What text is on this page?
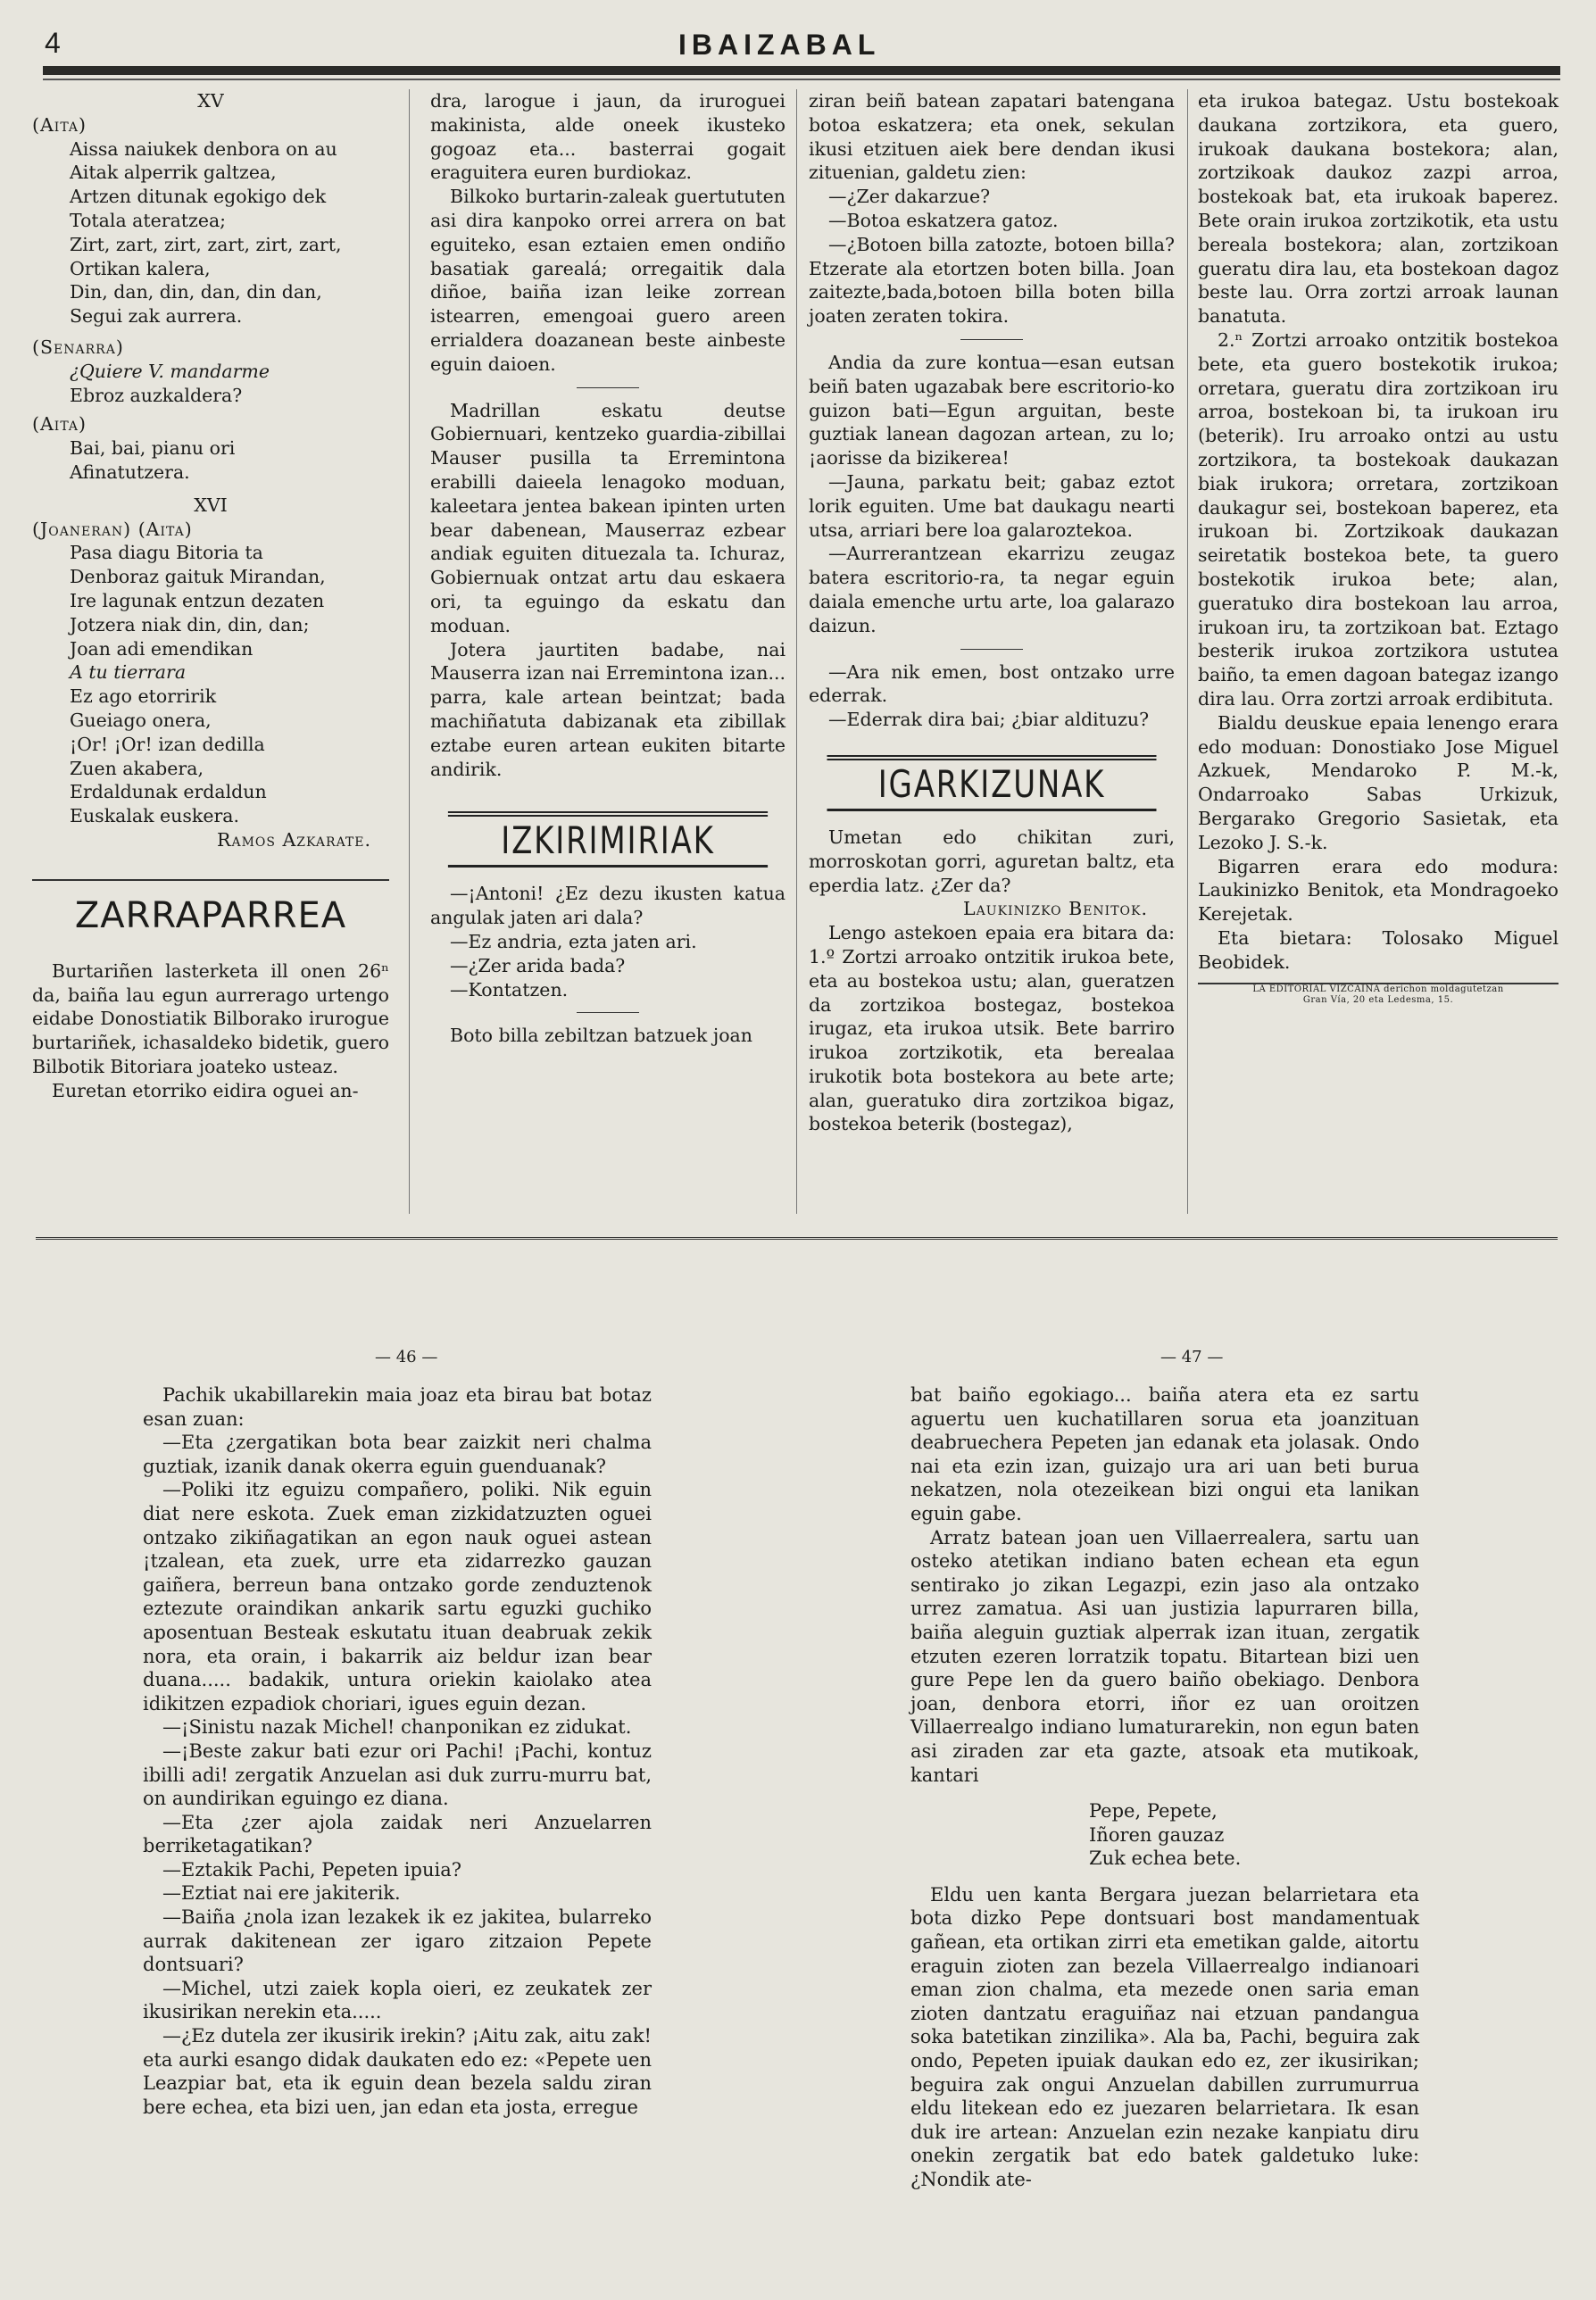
4	IBAIZABAL

XV

(Aita)

Aissa naiukek denbora on au

Aitak alperrik galtzea,

Artzen ditunak egokigo dek

Totala ateratzea;

Zirt, zart, zirt, zart, zirt, zart,

Ortikan kalera,

Din, dan, din, dan, din dan,

Segui zak aurrera.

(Senarra)

¿Quiere V. mandarme

Ebroz auzkaldera?

(Aita)

Bai, bai, pianu ori

Afinatutzera.

XVI

(Joaneran) (Aita)

Pasa diagu Bitoria ta

Denboraz gaituk Mirandan,

Ire lagunak entzun dezaten

Jotzera niak din, din, dan;

Joan adi emendikan

A tu tierrara

Ez ago etorririk

Gueiago onera,

¡Or! ¡Or! izan dedilla

Zuen akabera,

Erdaldunak erdaldun

Euskalak euskera.

Ramos Azkarate.

ZARRAPARREA

Burtariñen lasterketa ill onen 26ⁿ da, baiña lau egun aurrerago urtengo eidabe Donostiatik Bilborako irurogue burtariñek, ichasaldeko bidetik, guero Bilbotik Bitoriara joateko usteaz.

Euretan etorriko eidira oguei an-

dra, larogue i jaun, da iruroguei makinista, alde oneek ikusteko gogoaz eta... basterrai gogait eraguitera euren burdiokaz.

Bilkoko burtarin-zaleak guertututen asi dira kanpoko orrei arrera on bat eguiteko, esan eztaien emen ondiño basatiak garealá; orregaitik dala diñoe, baiña izan leike zorrean istearren, emengoai guero areen errialdera doazanean beste ainbeste eguin daioen.

Madrillan eskatu deutse Gobiernuari, kentzeko guardia-zibillai Mauser pusilla ta Erremintona erabilli daieela lenagoko moduan, kaleetara jentea bakean ipinten urten bear dabenean, Mauserraz ezbear andiak eguiten dituezala ta. Ichuraz, Gobiernuak ontzat artu dau eskaera ori, ta eguingo da eskatu dan moduan.

Jotera jaurtiten badabe, nai Mauserra izan nai Erremintona izan... parra, kale artean beintzat; bada machiñatuta dabizanak eta zibillak eztabe euren artean eukiten bitarte andirik.

IZKIRIMIRIAK

—¡Antoni! ¿Ez dezu ikusten katua angulak jaten ari dala?

—Ez andria, ezta jaten ari.

—¿Zer arida bada?

—Kontatzen.

Boto billa zebiltzan batzuek joan

ziran beiñ batean zapatari batengana botoa eskatzera; eta onek, sekulan ikusi etzituen aiek bere dendan ikusi zituenian, galdetu zien:

—¿Zer dakarzue?

—Botoa eskatzera gatoz.

—¿Botoen billa zatozte, botoen billa? Etzerate ala etortzen boten billa. Joan zaitezte,bada,botoen billa boten billa joaten zeraten tokira.

Andia da zure kontua—esan eutsan beiñ baten ugazabak bere escritorio-ko guizon bati—Egun arguitan, beste guztiak lanean dagozan artean, zu lo; ¡aorisse da bizikerea!

—Jauna, parkatu beit; gabaz eztot lorik eguiten. Ume bat daukagu nearti utsa, arriari bere loa galaroztekoa.

—Aurrerantzean ekarrizu zeugaz batera escritorio-ra, ta negar eguin daiala emenche urtu arte, loa galarazo daizun.

—Ara nik emen, bost ontzako urre ederrak.

—Ederrak dira bai; ¿biar aldituzu?

IGARKIZUNAK

Umetan edo chikitan zuri, morroskotan gorri, aguretan baltz, eta eperdia latz. ¿Zer da?

Laukinizko Benitok.

Lengo astekoen epaia era bitara da: 1.º Zortzi arroako ontzitik irukoa bete, eta au bostekoa ustu; alan, gueratzen da zortzikoa bostegaz, bostekoa irugaz, eta irukoa utsik. Bete barriro irukoa zortzikotik, eta berealaa irukotik bota bostekora au bete arte; alan, gueratuko dira zortzikoa bigaz, bostekoa beterik (bostegaz),

eta irukoa bategaz. Ustu bostekoak daukana zortzikora, eta guero, irukoak daukana bostekora; alan, zortzikoak daukoz zazpi arroa, bostekoak bat, eta irukoak baperez. Bete orain irukoa zortzikotik, eta ustu bereala bostekora; alan, zortzikoan gueratu dira lau, eta bostekoan dagoz beste lau. Orra zortzi arroak launan banatuta.

2.ⁿ Zortzi arroako ontzitik bostekoa bete, eta guero bostekotik irukoa; orretara, gueratu dira zortzikoan iru arroa, bostekoan bi, ta irukoan iru (beterik). Iru arroako ontzi au ustu zortzikora, ta bostekoak daukazan biak irukora; orretara, zortzikoan daukagur sei, bostekoan baperez, eta irukoan bi. Zortzikoak daukazan seiretatik bostekoa bete, ta guero bostekotik irukoa bete; alan, gueratuko dira bostekoan lau arroa, irukoan iru, ta zortzikoan bat. Eztago besterik irukoa zortzikora ustutea baiño, ta emen dagoan bategaz izango dira lau. Orra zortzi arroak erdibituta.

Bialdu deuskue epaia lenengo erara edo moduan: Donostiako Jose Miguel Azkuek, Mendaroko P. M.-k, Ondarroako Sabas Urkizuk, Bergarako Gregorio Sasietak, eta Lezoko J. S.-k.

Bigarren erara edo modura: Laukinizko Benitok, eta Mondragoeko Kerejetak.

Eta bietara: Tolosako Miguel Beobidek.

LA EDITORIAL VIZCAINA derichon moldagutetzan

Gran Vía, 20 eta Ledesma, 15.

— 46 —	— 47 —

Pachik ukabillarekin maia joaz eta birau bat botaz esan zuan:

—Eta ¿zergatikan bota bear zaizkit neri chalma guztiak, izanik danak okerra eguin guenduanak?

—Poliki itz eguizu compañero, poliki. Nik eguin diat nere eskota. Zuek eman zizkidatzuzten oguei ontzako zikiñagatikan an egon nauk oguei astean ¡tzalean, eta zuek, urre eta zidarrezko gauzan gaiñera, berreun bana ontzako gorde zenduztenok eztezute oraindikan ankarik sartu eguzki guchiko aposentuan Besteak eskutatu ituan deabruak zekik nora, eta orain, i bakarrik aiz beldur izan bear duana..... badakik, untura oriekin kaiolako atea idikitzen ezpadiok choriari, igues eguin dezan.

—¡Sinistu nazak Michel! chanponikan ez zidukat.

—¡Beste zakur bati ezur ori Pachi! ¡Pachi, kontuz ibilli adi! zergatik Anzuelan asi duk zurru-murru bat, on aundirikan eguingo ez diana.

—Eta ¿zer ajola zaidak neri Anzuelarren berriketagatikan?

—Eztakik Pachi, Pepeten ipuia?

—Eztiat nai ere jakiterik.

—Baiña ¿nola izan lezakek ik ez jakitea, bularreko aurrak dakitenean zer igaro zitzaion Pepete dontsuari?

—Michel, utzi zaiek kopla oieri, ez zeukatek zer ikusirikan nerekin eta.....

—¿Ez dutela zer ikusirik irekin? ¡Aitu zak, aitu zak! eta aurki esango didak daukaten edo ez: «Pepete uen Leazpiar bat, eta ik eguin dean bezela saldu ziran bere echea, eta bizi uen, jan edan eta josta, erregue

bat baiño egokiago... baiña atera eta ez sartu aguertu uen kuchatillaren sorua eta joanzituan deabruechera Pepeten jan edanak eta jolasak. Ondo nai eta ezin izan, guizajo ura ari uan beti burua nekatzen, nola otezeikean bizi ongui eta lanikan eguin gabe.

Arratz batean joan uen Villaerrealera, sartu uan osteko atetikan indiano baten echean eta egun sentirako jo zikan Legazpi, ezin jaso ala ontzako urrez zamatua. Asi uan justizia lapurraren billa, baiña aleguin guztiak alperrak izan ituan, zergatik etzuten ezeren lorratzik topatu. Bitartean bizi uen gure Pepe len da guero baiño obekiago. Denbora joan, denbora etorri, iñor ez uan oroitzen Villaerrealgo indiano lumaturarekin, non egun baten asi ziraden zar eta gazte, atsoak eta mutikoak, kantari

Pepe, Pepete,

Iñoren gauzaz

Zuk echea bete.

Eldu uen kanta Bergara juezan belarrietara eta bota dizko Pepe dontsuari bost mandamentuak gañean, eta ortikan zirri eta emetikan galde, aitortu eraguin zioten zan bezela Villaerrealgo indianoari eman zion chalma, eta mezede onen saria eman zioten dantzatu eraguiñaz nai etzuan pandangua soka batetikan zinzilika». Ala ba, Pachi, beguira zak ondo, Pepeten ipuiak daukan edo ez, zer ikusirikan; beguira zak ongui Anzuelan dabillen zurrumurrua eldu litekean edo ez juezaren belarrietara. Ik esan duk ire artean: Anzuelan ezin nezake kanpiatu diru onekin zergatik bat edo batek galdetuko luke: ¿Nondik ate-
